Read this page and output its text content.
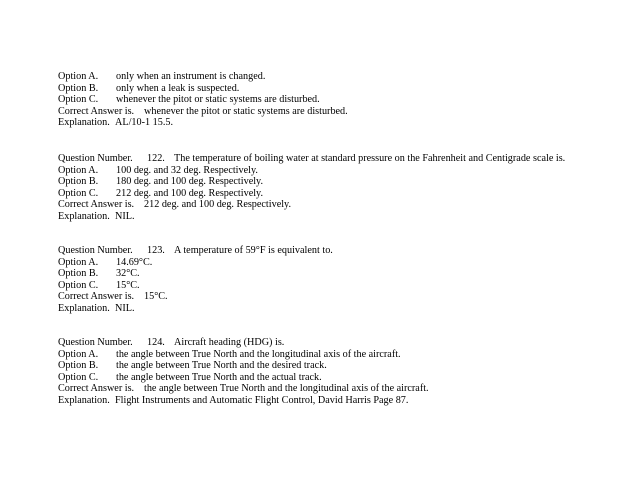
Option A. only when an instrument is changed.
Option B. only when a leak is suspected.
Option C. whenever the pitot or static systems are disturbed.
Correct Answer is. whenever the pitot or static systems are disturbed.
Explanation. AL/10-1 15.5.
Question Number. 122. The temperature of boiling water at standard pressure on the Fahrenheit and Centigrade scale is.
Option A. 100 deg. and 32 deg. Respectively.
Option B. 180 deg. and 100 deg. Respectively.
Option C. 212 deg. and 100 deg. Respectively.
Correct Answer is. 212 deg. and 100 deg. Respectively.
Explanation. NIL.
Question Number. 123. A temperature of 59°F is equivalent to.
Option A. 14.69°C.
Option B. 32°C.
Option C. 15°C.
Correct Answer is. 15°C.
Explanation. NIL.
Question Number. 124. Aircraft heading (HDG) is.
Option A. the angle between True North and the longitudinal axis of the aircraft.
Option B. the angle between True North and the desired track.
Option C. the angle between True North and the actual track.
Correct Answer is. the angle between True North and the longitudinal axis of the aircraft.
Explanation. Flight Instruments and Automatic Flight Control, David Harris Page 87.
